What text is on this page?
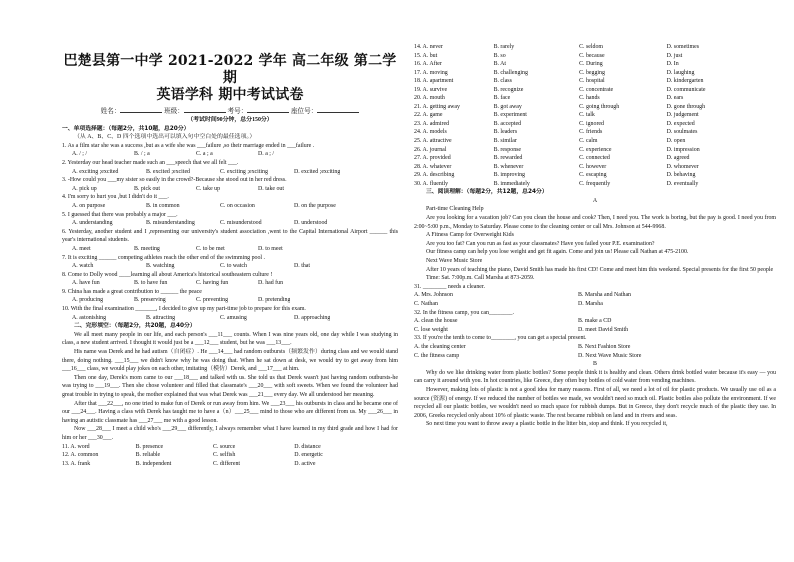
巴楚县第一中学 2021-2022 学年 高二年级 第二学期
英语学科 期中考试试卷
姓名：	班级：	考号：	座位号：
（考试时间90分钟，总分150分）
一、单项选择题：（每题2分，共10题，总20分）
（从 A、B、C、D 四个选项中选出可以填入句中空白处的最佳选项。）
1. As a film star she was a success ,but as a wife she was ___failure ,so their marriage ended in ___failure .
A. / ; /	B. / ; a	C. a ; a	D. a ; /
2. Yesterday our head teacher made such an ___speech that we all felt ___.
A. exciting ;excited	B. excited ;excited	C. exciting ;exciting	D. excited ;exciting
3. -How could you ___my sister so easily in the crowd?-Because she stood out in her red dress.
A. pick up	B. pick out	C. take up	D. take out
4. I'm sorry to hurt you ,but I didn't do it ___.
A. on purpose	B. in common	C. on occasion	D. on the purpose
5. I guessed that there was probably a major ___.
A. understanding	B. misunderstanding	C. misunderstood	D. understood
6. Yesterday, another student and I ,representing our university's student association ,went to the Capital International Airport ______ this year's international students.
A. meet	B. meeting	C. to be met	D. to meet
7. It is exciting ______ competing athletes reach the other end of the swimming pool .
A. watch	B. watching	C. to watch	D. that
8. Come to Dolly wood ____learning all about America's historical southeastern culture !
A. have fun	B. to have fun	C. having fun	D. had fun
9. China has made a great contribution to ______ the peace
A. producing	B. preserving	C. preventing	D. pretending
10. With the final examination _______, I decided to give up my part-time job to prepare for this exam.
A. astonishing	B. attracting	C. amusing	D. approaching
二、完形填空：（每题2分，共20题，总40分）
We all meet many people in our life, and each person's ___11___ counts. When I was nine years old, one day while I was studying in class, a new student arrived. I thought it would just be a ___12___ student, but he was ___13___.
His name was Derek and he had autism（自闭症）. He ___14___ had random outbursts（频繁发作）during class and we would stand there, doing nothing. ___15___ we didn't know why he was doing that. When he sat down at desk, we would try to get away from him ___16___ class, we would play jokes on each other, imitating（模仿）Derek, and ___17___ at him.
Then one day, Derek's mom came to our ___18___ and talked with us. She told us that Derek wasn't just having random outbursts-he was trying to ___19___. Then she chose volunteer and filled that classmate's ___20___ with soft sweets. When we found the volunteer had great trouble in trying to speak, the mother explained that was what Derek was ___21___ every day. We all understood her meaning.
After that ___22___, no one tried to make fun of Derek or run away from him. We ___23___ his outbursts in class and he became one of our ___24___. Having a class with Derek has taught me to have a（n）___25___ mind to those who are different from us. My ___26___ in having an autistic classmate has ___27___ me with a good lesson.
Now ___28___ I meet a child who's ___29___ differently, I always remember what I have learned in my third grade and how I had for him or her ___30___.
11. A. word	B. presence	C. source	D. distance
12. A. common	B. reliable	C. selfish	D. energetic
13. A. frank	B. independent	C. different	D. active
14. A. never	B. rarely	C. seldom	D. sometimes
15. A. but	B. so	C. because	D. just
16. A. After	B. At	C. During	D. In
17. A. moving	B. challenging	C. begging	D. laughing
18. A. apartment	B. class	C. hospital	D. kindergarten
19. A. survive	B. recognize	C. concentrate	D. communicate
20. A. mouth	B. face	C. hands	D. ears
21. A. getting away	B. got away	C. going through	D. gone through
22. A. game	B. experiment	C. talk	D. judgement
23. A. admired	B. accepted	C. ignored	D. expected
24. A. models	B. leaders	C. friends	D. soulmates
25. A. attractive	B. similar	C. calm	D. open
26. A. journal	B. response	C. experience	D. impression
27. A. provided	B. rewarded	C. connected	D. agreed
28. A. whatever	B. whenever	C. however	D. whomever
29. A. describing	B. improving	C. escaping	D. behaving
30. A. fluently	B. immediately	C. frequently	D. eventually
三、阅读理解：（每题2分，共12题，总24分）
A
Part-time Cleaning Help
Are you looking for a vacation job? Can you clean the house and cook? Then, I need you. The work is boring, but the pay is good. I need you from 2:00~5:00 p.m., Monday to Saturday. Please come to the cleaning center or call Mrs. Johnson at 544-9968.
A Fitness Camp for Overweight Kids
Are you too fat? Can you run as fast as your classmates? Have you failed your P.E. examination?
Our fitness camp can help you lose weight and get fit again. Come and join us! Please call Nathan at 475-2100.
Next Wave Music Store
After 10 years of teaching the piano, David Smith has made his first CD! Come and meet him this weekend. Special presents for the first 50 people
Time: Sat. 7:00p.m. Call Marsha at 873-2059.
31. ________ needs a cleaner.
A. Mrs. Johnson	B. Marsha and Nathan
C. Nathan	D. Marsha
32. In the fitness camp, you can________.
A. clean the house	B. make a CD
C. lose weight	D. meet David Smith
33. If you're the tenth to come to________, you can get a special present.
A. the cleaning center	B. Next Fashion Store
C. the fitness camp	D. Next Wave Music Store
B
Why do we like drinking water from plastic bottles? Some people think it is healthy and clean. Others drink bottled water because it's easy — you can carry it around with you. In hot countries, like Greece, they often buy bottles of cold water from vending machines.
However, making lots of plastic is not a good idea for many reasons. First of all, we need a lot of oil for plastic products. We usually use oil as a source (资源) of energy. If we reduced the number of bottles we made, we wouldn't need so much oil. Plastic bottles also pollute the environment. If we recycled all our plastic bottles, we wouldn't need so much space for rubbish dumps. But in Greece, they don't recycle much of the plastic they use. In 2006, Greeks recycled only about 10% of plastic waste. The rest became rubbish on land and in rivers and seas.
So next time you want to throw away a plastic bottle in the litter bin, stop and think. If you recycled it,
